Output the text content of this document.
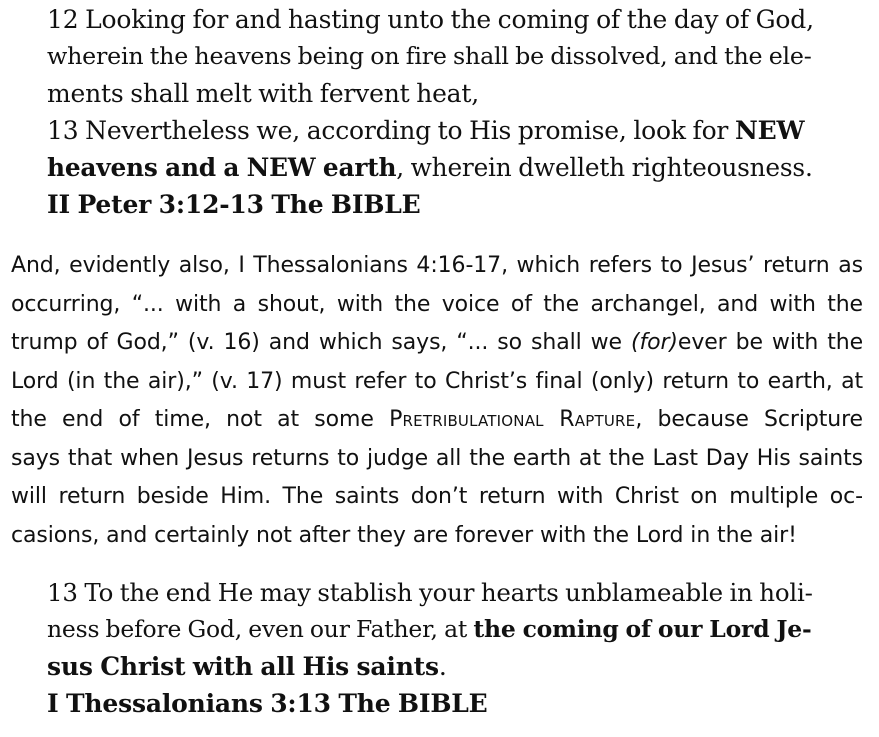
12 Looking for and hasting unto the coming of the day of God,
wherein the heavens being on fire shall be dissolved, and the ele-
ments shall melt with fervent heat,
13 Nevertheless we, according to His promise, look for NEW
heavens and a NEW earth, wherein dwelleth righteousness.
II Peter 3:12-13 The BIBLE
And, evidently also, I Thessalonians 4:16-17, which refers to Jesus’ return as
occurring, “... with a shout, with the voice of the archangel, and with the
trump of God,” (v. 16) and which says, “... so shall we (for)ever be with the
Lord (in the air),” (v. 17) must refer to Christ’s final (only) return to earth, at
the end of time, not at some Pretribulational Rapture, because Scripture
says that when Jesus returns to judge all the earth at the Last Day His saints
will return beside Him. The saints don’t return with Christ on multiple oc-
casions, and certainly not after they are forever with the Lord in the air!
13 To the end He may stablish your hearts unblameable in holi-
ness before God, even our Father, at the coming of our Lord Je-
sus Christ with all His saints.
I Thessalonians 3:13 The BIBLE
